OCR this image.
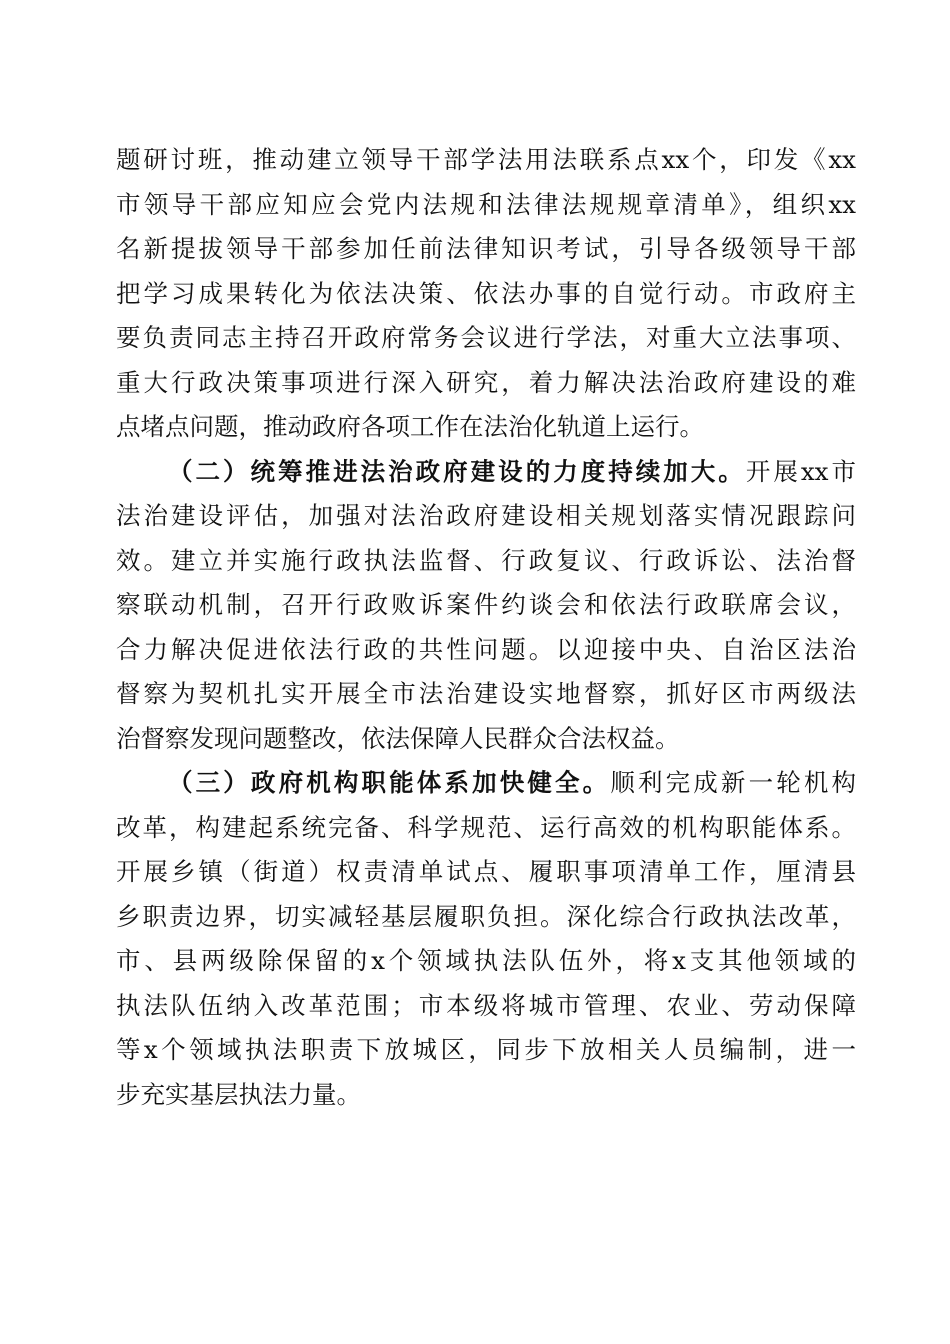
题研讨班，推动建立领导干部学法用法联系点xx个，印发《xx
市领导干部应知应会党内法规和法律法规规章清单》，组织xx
名新提拔领导干部参加任前法律知识考试，引导各级领导干部
把学习成果转化为依法决策、依法办事的自觉行动。市政府主
要负责同志主持召开政府常务会议进行学法，对重大立法事项、
重大行政决策事项进行深入研究，着力解决法治政府建设的难
点堵点问题，推动政府各项工作在法治化轨道上运行。
（二）统筹推进法治政府建设的力度持续加大。开展xx市
法治建设评估，加强对法治政府建设相关规划落实情况跟踪问
效。建立并实施行政执法监督、行政复议、行政诉讼、法治督
察联动机制，召开行政败诉案件约谈会和依法行政联席会议，
合力解决促进依法行政的共性问题。以迎接中央、自治区法治
督察为契机扎实开展全市法治建设实地督察，抓好区市两级法
治督察发现问题整改，依法保障人民群众合法权益。
（三）政府机构职能体系加快健全。顺利完成新一轮机构
改革，构建起系统完备、科学规范、运行高效的机构职能体系。
开展乡镇（街道）权责清单试点、履职事项清单工作，厘清县
乡职责边界，切实减轻基层履职负担。深化综合行政执法改革，
市、县两级除保留的x个领域执法队伍外，将x支其他领域的
执法队伍纳入改革范围；市本级将城市管理、农业、劳动保障
等x个领域执法职责下放城区，同步下放相关人员编制，进一
步充实基层执法力量。
